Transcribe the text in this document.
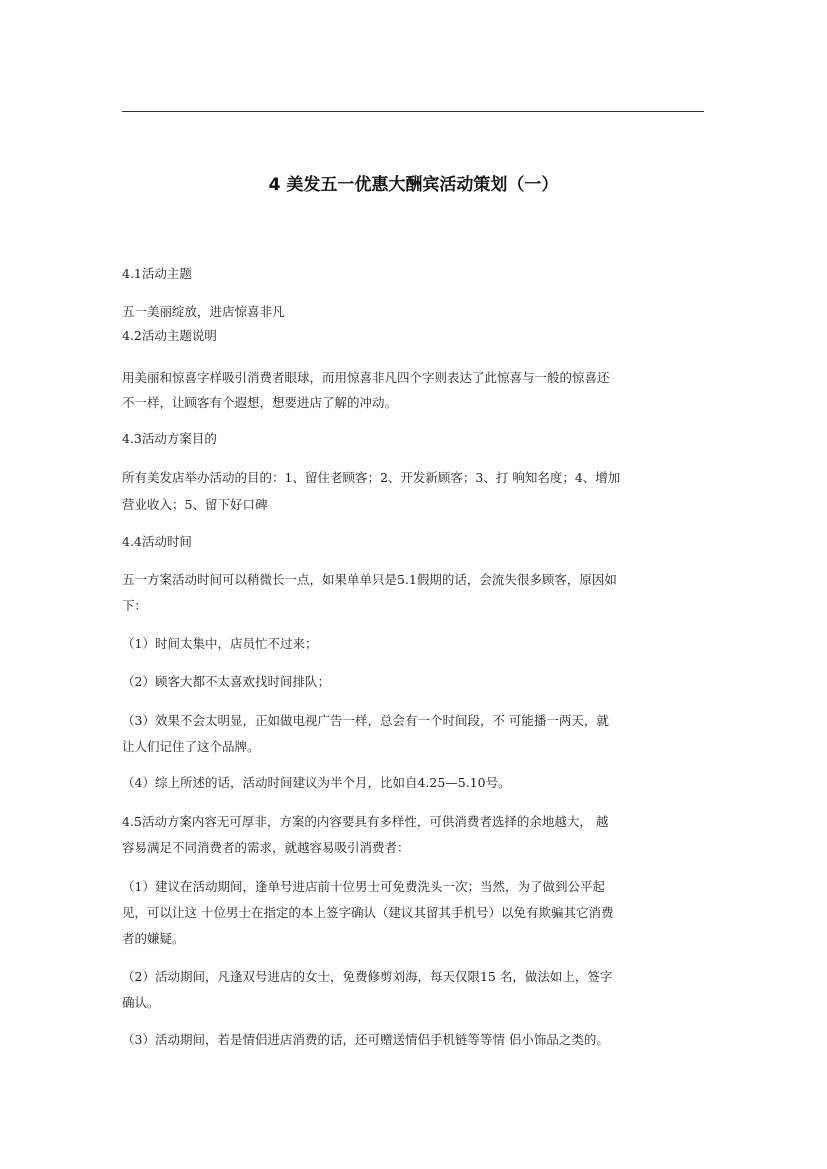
4 美发五一优惠大酬宾活动策划（一）

4.1活动主题

五一美丽绽放，进店惊喜非凡

4.2活动主题说明

用美丽和惊喜字样吸引消费者眼球，而用惊喜非凡四个字则表达了此惊喜与一般的惊喜还

不一样，让顾客有个遐想，想要进店了解的冲动。

4.3活动方案目的

所有美发店举办活动的目的：1、留住老顾客；2、开发新顾客；3、打 响知名度；4、增加

营业收入；5、留下好口碑

4.4活动时间

五一方案活动时间可以稍微长一点，如果单单只是5.1假期的话，会流失很多顾客，原因如

下：

（1）时间太集中，店员忙不过来；

（2）顾客大都不太喜欢找时间排队；

（3）效果不会太明显，正如做电视广告一样，总会有一个时间段，不 可能播一两天，就

让人们记住了这个品牌。

（4）综上所述的话，活动时间建议为半个月，比如自4.25—5.10号。

4.5活动方案内容无可厚非，方案的内容要具有多样性，可供消费者选择的余地越大， 越

容易满足不同消费者的需求，就越容易吸引消费者：

（1）建议在活动期间，逢单号进店前十位男士可免费洗头一次；当然，为了做到公平起

见，可以让这 十位男士在指定的本上签字确认（建议其留其手机号）以免有欺骗其它消费

者的嫌疑。

（2）活动期间，凡逢双号进店的女士，免费修剪刘海，每天仅限15 名，做法如上，签字

确认。

（3）活动期间，若是情侣进店消费的话，还可赠送情侣手机链等等情 侣小饰品之类的。
